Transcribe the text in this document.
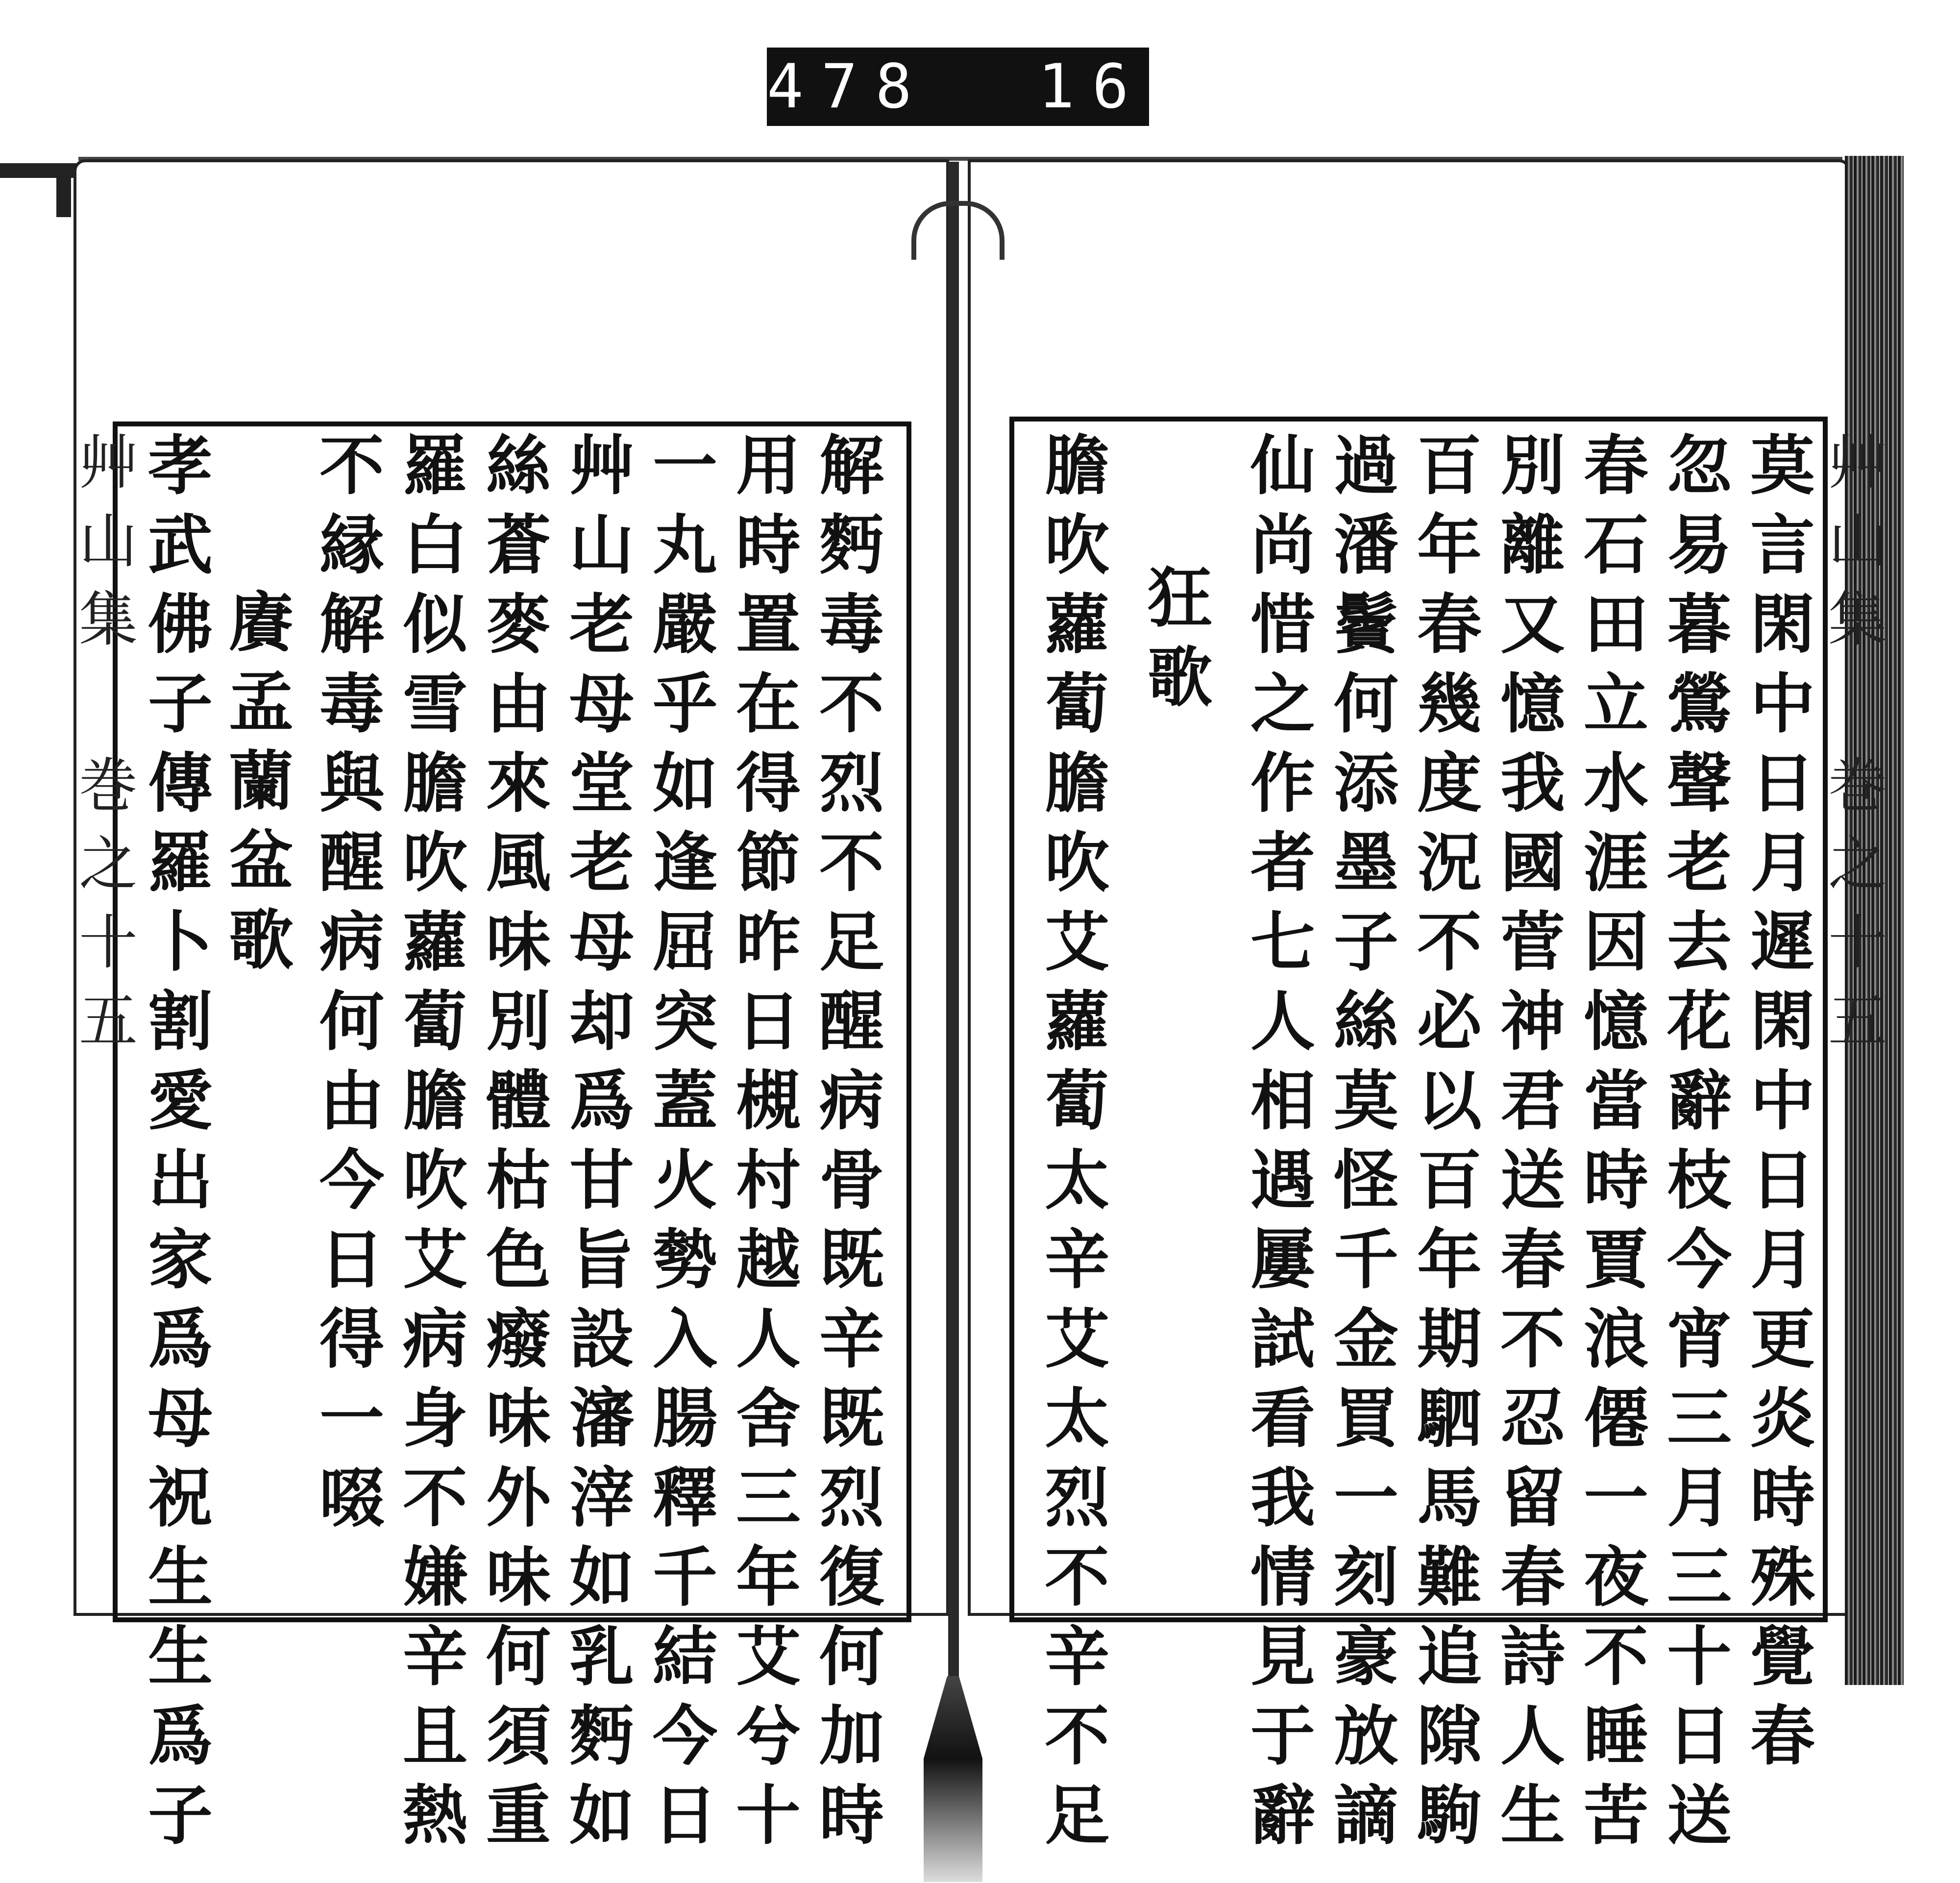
478  163
艸山集 巻之十五 孝武佛子傳羅卜割愛出家爲母祝生生爲子 賡孟蘭盆歌 不縁解毒與醒病何由今日得一啜 羅白似雪膽吹蘿蔔膽吹艾病身不嫌辛且熱 絲蒼麥由來風味別體枯色癈味外味何須重 艸山老母堂老母却爲甘旨設瀋滓如乳麪如 一丸嚴乎如逢屈突蓋火勢入腸釋千結今日 用時置在得節昨日槻村越人舍三年艾兮十 解麪毒不烈不足醒病骨既辛既烈復何加時	艸山集 巻之十五
莫言閑中日月遲閑中日月更炎時殊覺春
忽易暮鶯聲老去花辭枝今宵三月三十日送
春石田立水涯因憶當時賈浪僊一夜不睡苦
別離又憶我國菅神君送春不忍留春詩人生
百年春幾度況不必以百年期駟馬難追隙駒
過潘鬢何添墨子絲莫怪千金買一刻豪放謫
仙尚惜之作者七人相遇屢試看我情見于辭
狂歌
膽吹蘿蔔膽吹艾蘿蔔太辛艾太烈不辛不足
